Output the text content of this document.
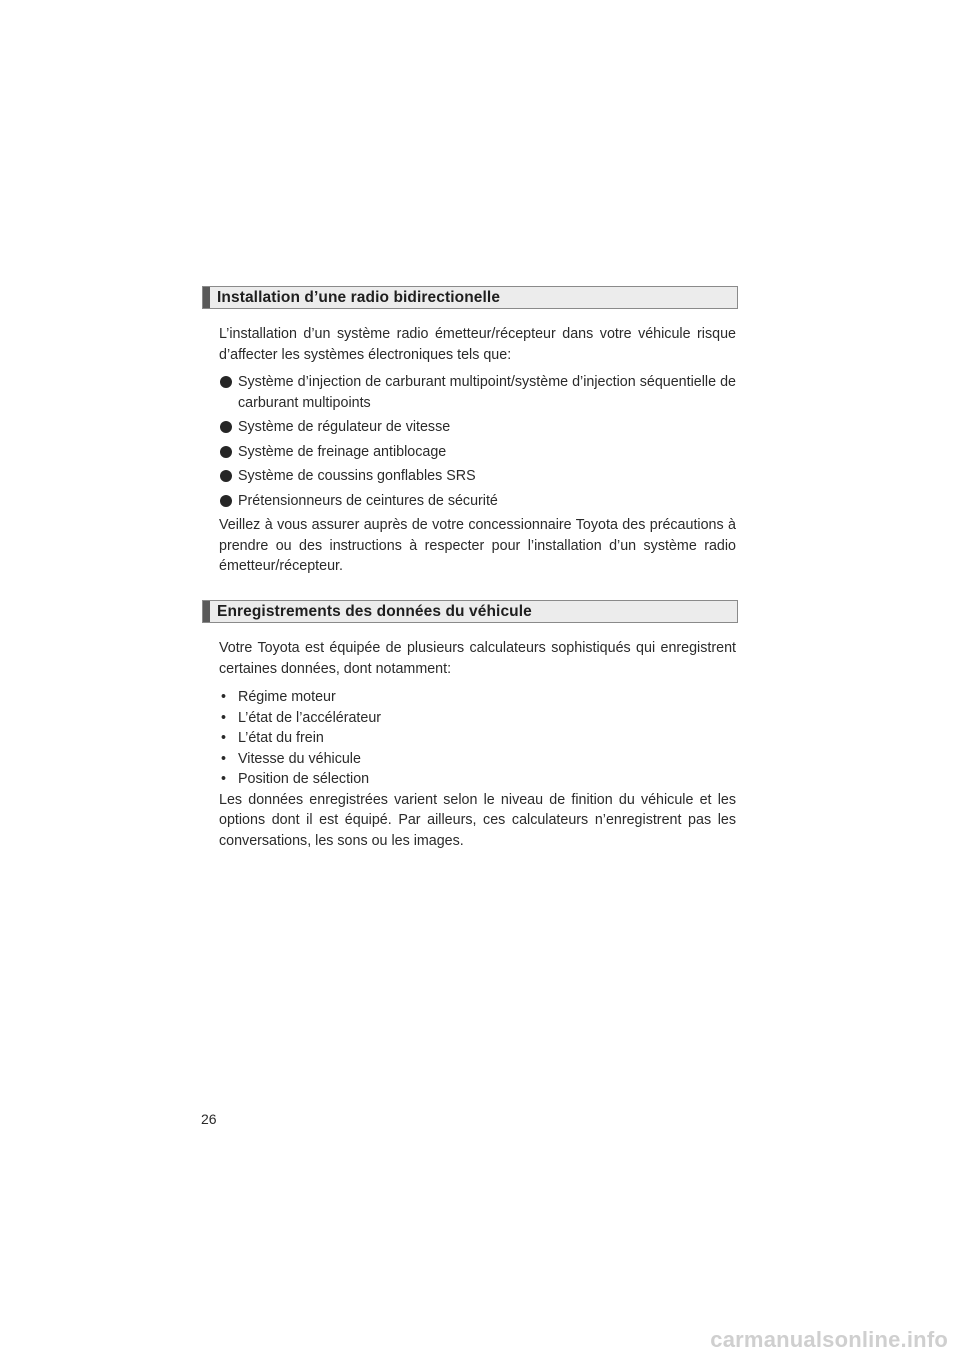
Installation d’une radio bidirectionelle
L’installation d’un système radio émetteur/récepteur dans votre véhicule risque d’affecter les systèmes électroniques tels que:
Système d’injection de carburant multipoint/système d’injection séquentielle de carburant multipoints
Système de régulateur de vitesse
Système de freinage antiblocage
Système de coussins gonflables SRS
Prétensionneurs de ceintures de sécurité
Veillez à vous assurer auprès de votre concessionnaire Toyota des précautions à prendre ou des instructions à respecter pour l’installation d’un système radio émetteur/récepteur.
Enregistrements des données du véhicule
Votre Toyota est équipée de plusieurs calculateurs sophistiqués qui enregistrent certaines données, dont notamment:
• Régime moteur
• L’état de l’accélérateur
• L’état du frein
• Vitesse du véhicule
• Position de sélection
Les données enregistrées varient selon le niveau de finition du véhicule et les options dont il est équipé. Par ailleurs, ces calculateurs n’enregistrent pas les conversations, les sons ou les images.
26
carmanualsonline.info
